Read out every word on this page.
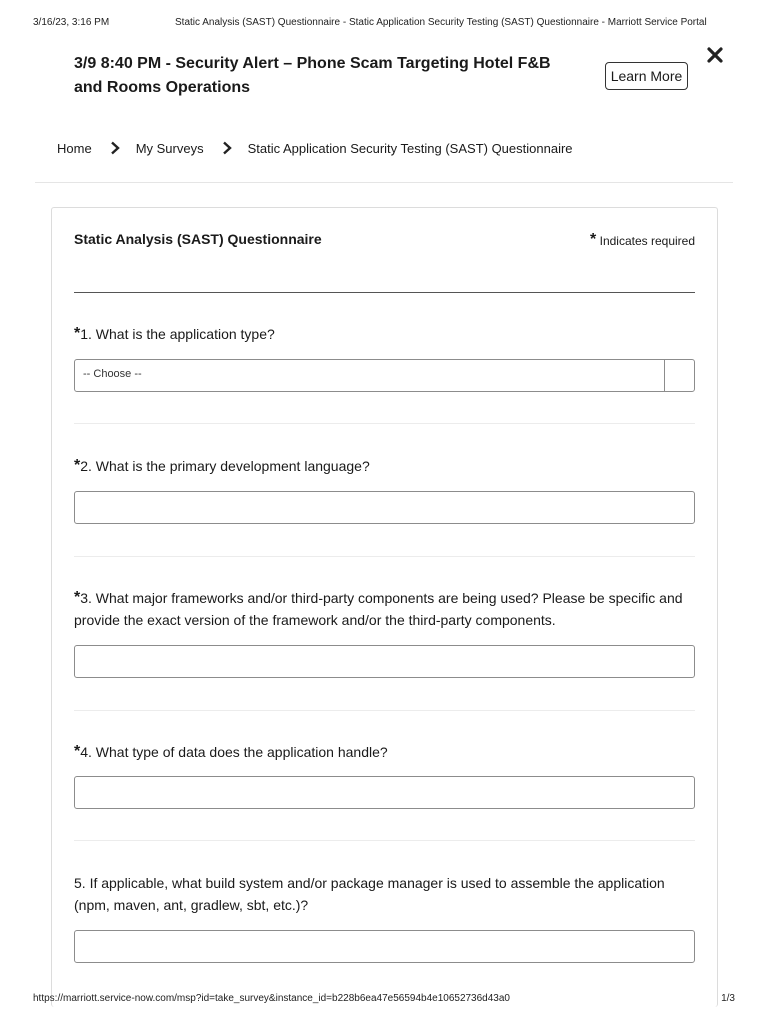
3/16/23, 3:16 PM	Static Analysis (SAST) Questionnaire - Static Application Security Testing (SAST) Questionnaire - Marriott Service Portal
3/9 8:40 PM - Security Alert – Phone Scam Targeting Hotel F&B and Rooms Operations
Learn More
Home	My Surveys	Static Application Security Testing (SAST) Questionnaire
Static Analysis (SAST) Questionnaire	* Indicates required
*1. What is the application type?
-- Choose --
*2. What is the primary development language?
*3. What major frameworks and/or third-party components are being used? Please be specific and provide the exact version of the framework and/or the third-party components.
*4. What type of data does the application handle?
5. If applicable, what build system and/or package manager is used to assemble the application (npm, maven, ant, gradlew, sbt, etc.)?
https://marriott.service-now.com/msp?id=take_survey&instance_id=b228b6ea47e56594b4e10652736d43a0	1/3
